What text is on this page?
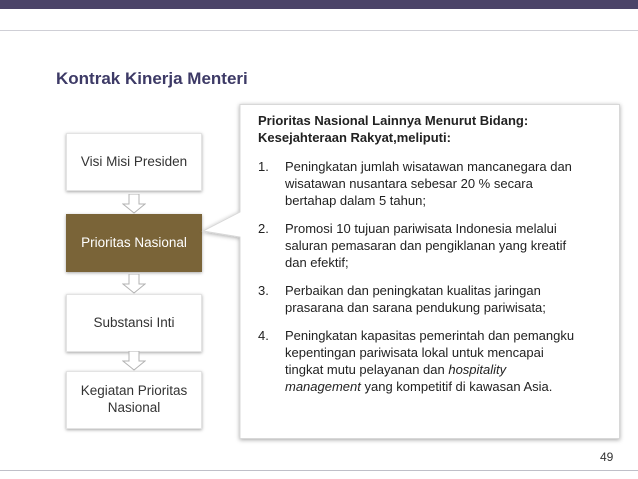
Kontrak Kinerja Menteri
Visi Misi Presiden
Prioritas Nasional
Substansi Inti
Kegiatan Prioritas Nasional
Prioritas Nasional Lainnya Menurut Bidang:
Kesejahteraan Rakyat,meliputi:
1. Peningkatan jumlah wisatawan mancanegara dan
wisatawan nusantara sebesar 20 % secara
bertahap dalam 5 tahun;
2. Promosi 10 tujuan pariwisata Indonesia melalui
saluran pemasaran dan pengiklanan yang kreatif
dan efektif;
3. Perbaikan dan peningkatan kualitas jaringan
prasarana dan sarana pendukung pariwisata;
4. Peningkatan kapasitas pemerintah dan pemangku
kepentingan pariwisata lokal untuk mencapai
tingkat mutu pelayanan dan hospitality
management yang kompetitif di kawasan Asia.
49
